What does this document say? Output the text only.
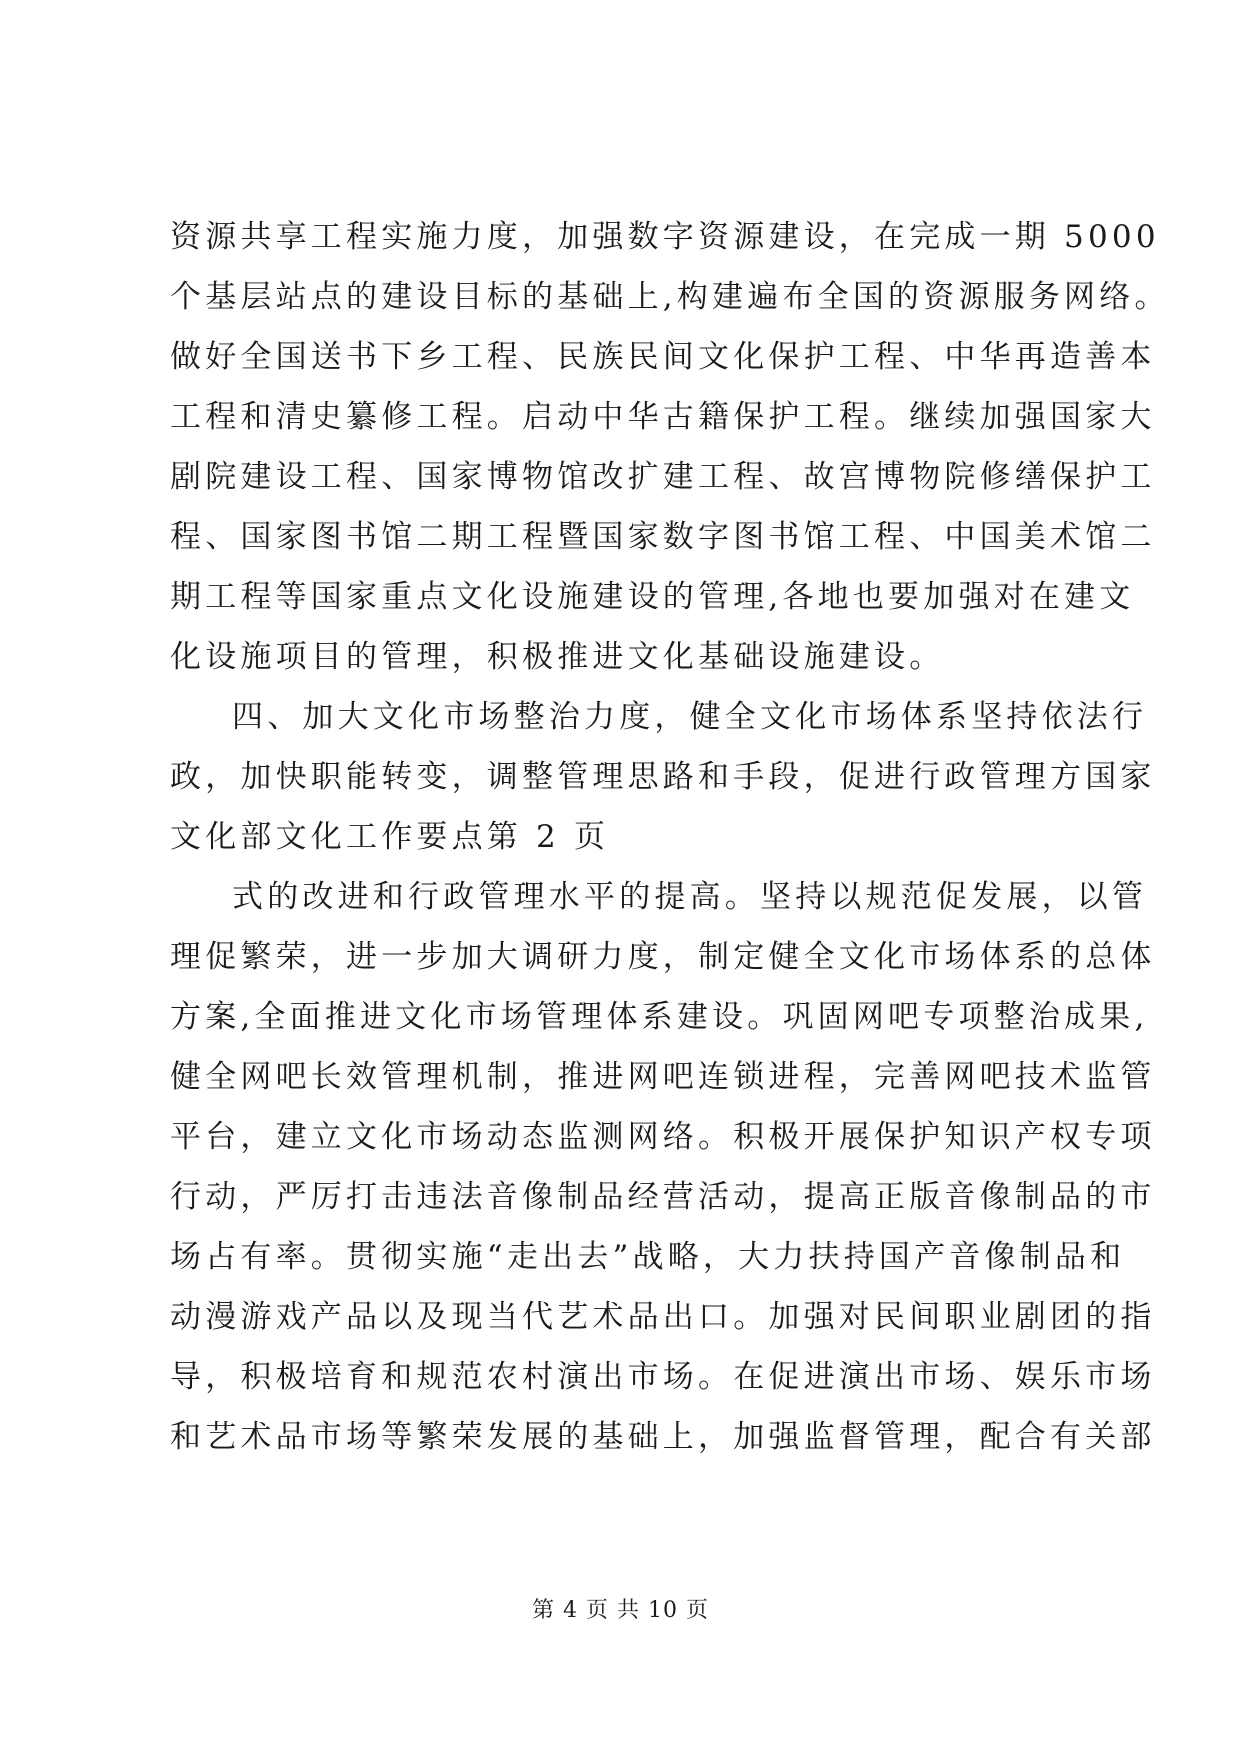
资源共享工程实施力度，加强数字资源建设，在完成一期 5000
个基层站点的建设目标的基础上,构建遍布全国的资源服务网络。
做好全国送书下乡工程、民族民间文化保护工程、中华再造善本
工程和清史纂修工程。启动中华古籍保护工程。继续加强国家大
剧院建设工程、国家博物馆改扩建工程、故宫博物院修缮保护工
程、国家图书馆二期工程暨国家数字图书馆工程、中国美术馆二
期工程等国家重点文化设施建设的管理,各地也要加强对在建文
化设施项目的管理，积极推进文化基础设施建设。
四、加大文化市场整治力度，健全文化市场体系坚持依法行
政，加快职能转变，调整管理思路和手段，促进行政管理方国家
文化部文化工作要点第 2 页
式的改进和行政管理水平的提高。坚持以规范促发展，以管
理促繁荣，进一步加大调研力度，制定健全文化市场体系的总体
方案,全面推进文化市场管理体系建设。巩固网吧专项整治成果,
健全网吧长效管理机制，推进网吧连锁进程，完善网吧技术监管
平台，建立文化市场动态监测网络。积极开展保护知识产权专项
行动，严厉打击违法音像制品经营活动，提高正版音像制品的市
场占有率。贯彻实施“走出去”战略，大力扶持国产音像制品和
动漫游戏产品以及现当代艺术品出口。加强对民间职业剧团的指
导，积极培育和规范农村演出市场。在促进演出市场、娱乐市场
和艺术品市场等繁荣发展的基础上，加强监督管理，配合有关部
第 4 页 共 10 页
